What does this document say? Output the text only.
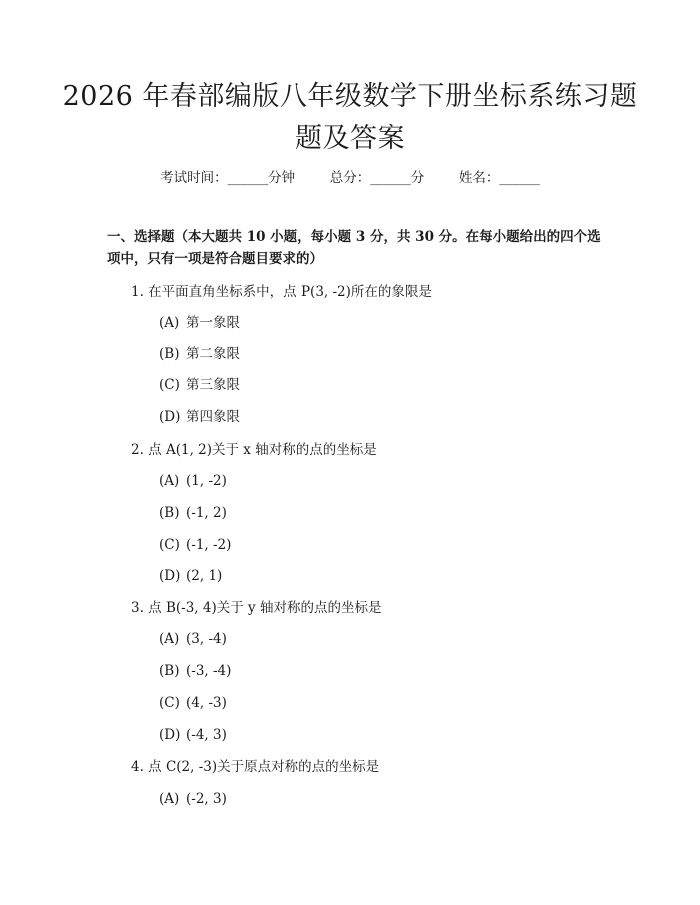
2026 年春部编版八年级数学下册坐标系练习题题及答案
考试时间：______分钟	总分：______分	姓名：______

一、选择题（本大题共 10 小题，每小题 3 分，共 30 分。在每小题给出的四个选项中，只有一项是符合题目要求的）

1. 在平面直角坐标系中，点 P(3, -2)所在的象限是
(A) 第一象限
(B) 第二象限
(C) 第三象限
(D) 第四象限
2. 点 A(1, 2)关于 x 轴对称的点的坐标是
(A) (1, -2)
(B) (-1, 2)
(C) (-1, -2)
(D) (2, 1)
3. 点 B(-3, 4)关于 y 轴对称的点的坐标是
(A) (3, -4)
(B) (-3, -4)
(C) (4, -3)
(D) (-4, 3)
4. 点 C(2, -3)关于原点对称的点的坐标是
(A) (-2, 3)
